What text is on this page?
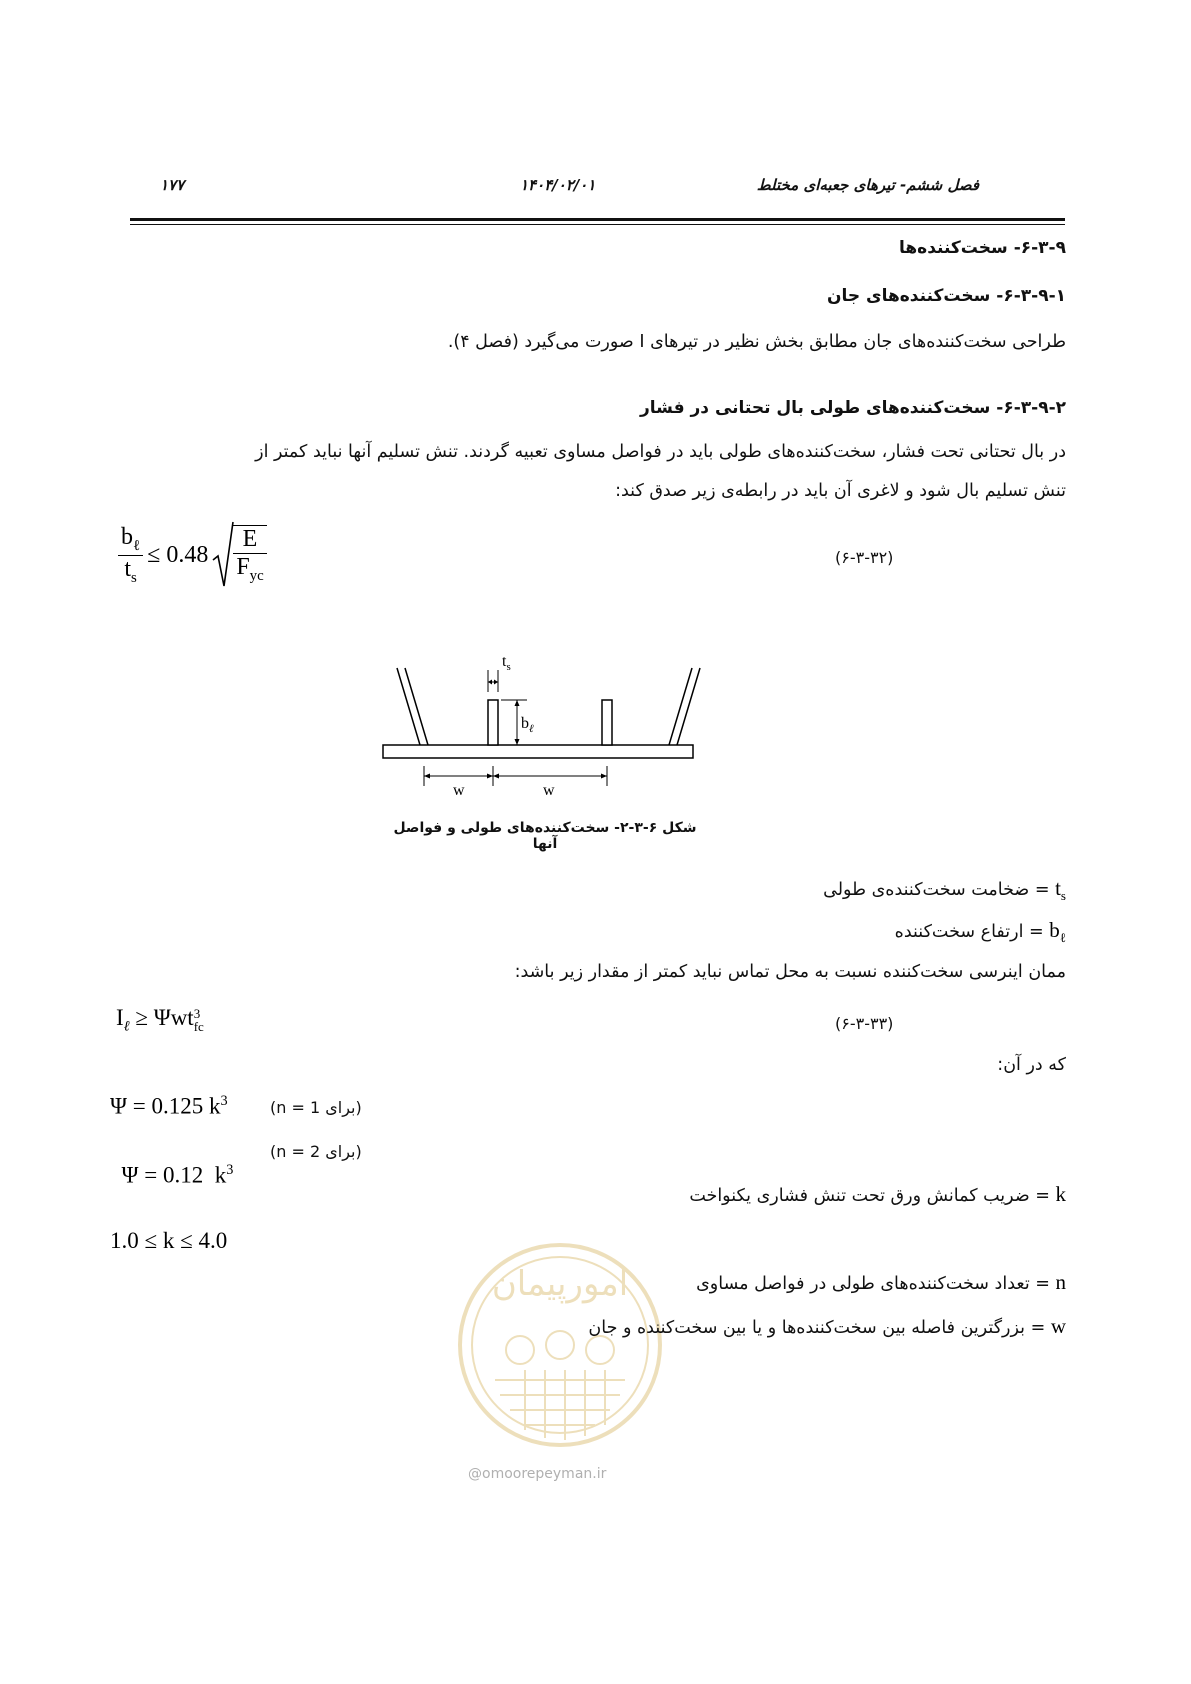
فصل ششم- تیرهای جعبه‌ای مختلط
۱۴۰۴/۰۲/۰۱
۱۷۷
۶-۳-۹- سخت‌کننده‌ها
۶-۳-۹-۱- سخت‌کننده‌های جان
طراحی سخت‌کننده‌های جان مطابق بخش نظیر در تیرهای I صورت می‌گیرد (فصل ۴).
۶-۳-۹-۲- سخت‌کننده‌های طولی بال تحتانی در فشار
در بال تحتانی تحت فشار، سخت‌کننده‌های طولی باید در فواصل مساوی تعبیه گردند. تنش تسلیم آنها نباید کمتر از
تنش تسلیم بال شود و لاغری آن باید در رابطه‌ی زیر صدق کند:
$\frac{b_\ell}{t_s} \le 0.48 \frac{E}{F_{yc}}$	(۶-۳-۳۲)
$t_s$
$b_\ell$
w	w
شکل ۶-۳-۲- سخت‌کننده‌های طولی و فواصل آنها
$t_s$ = ضخامت سخت‌کننده‌ی طولی
$b_\ell$ = ارتفاع سخت‌کننده
ممان اینرسی سخت‌کننده نسبت به محل تماس نباید کمتر از مقدار زیر باشد:
$I_\ell \ge \Psi wt$ 3
fc	(۶-۳-۳۳)
که در آن:
Ψ = 0.125 $k^3$	(برای n = 1)

Ψ = 0.12  $k^3$

(برای n = 2)
k = ضریب کمانش ورق تحت تنش فشاری یکنواخت
1.0 ≤ k ≤ 4.0
امورپیمان
@omoorepeyman.ir
n = تعداد سخت‌کننده‌های طولی در فواصل مساوی
w = بزرگترین فاصله بین سخت‌کننده‌ها و یا بین سخت‌کننده و جان
